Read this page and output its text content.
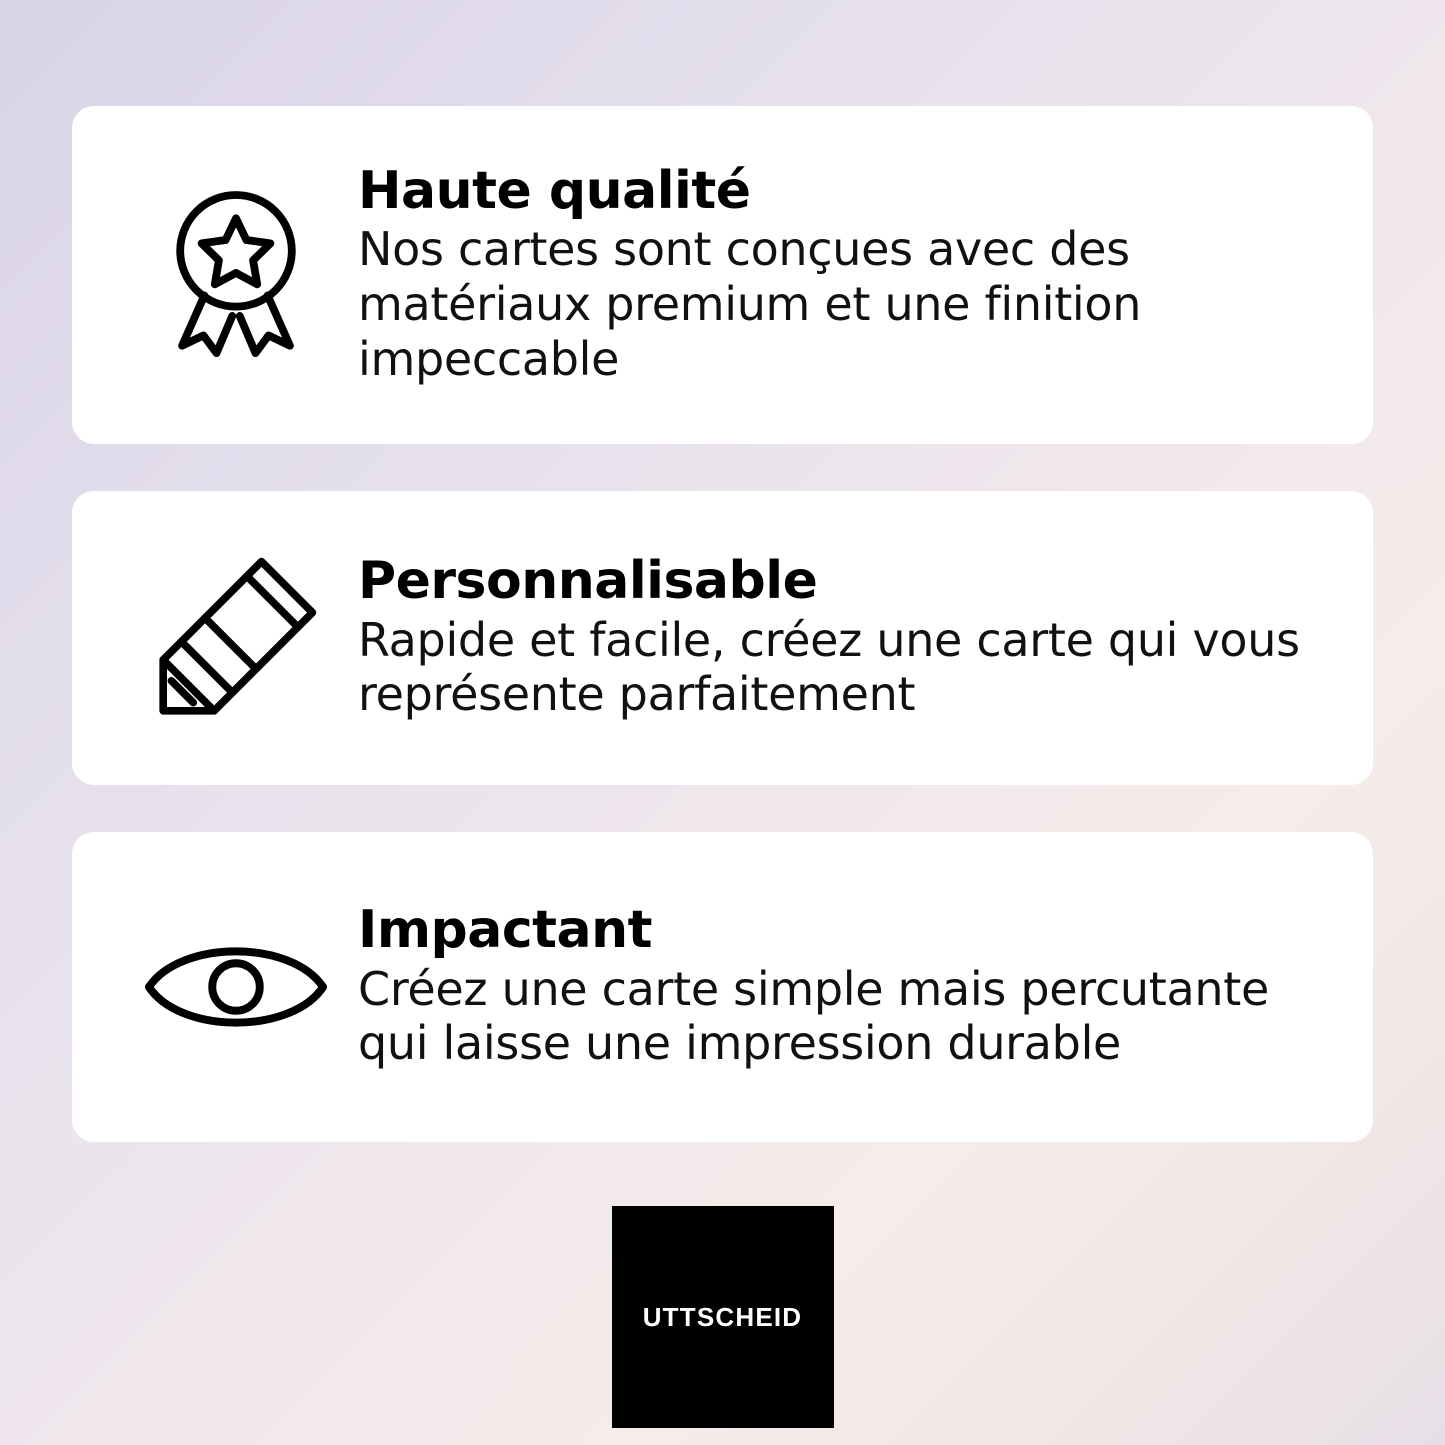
Haute qualité
Nos cartes sont conçues avec des matériaux premium et une finition impeccable
Personnalisable
Rapide et facile, créez une carte qui vous représente parfaitement
Impactant
Créez une carte simple mais percutante qui laisse une impression durable
UTTSCHEID
